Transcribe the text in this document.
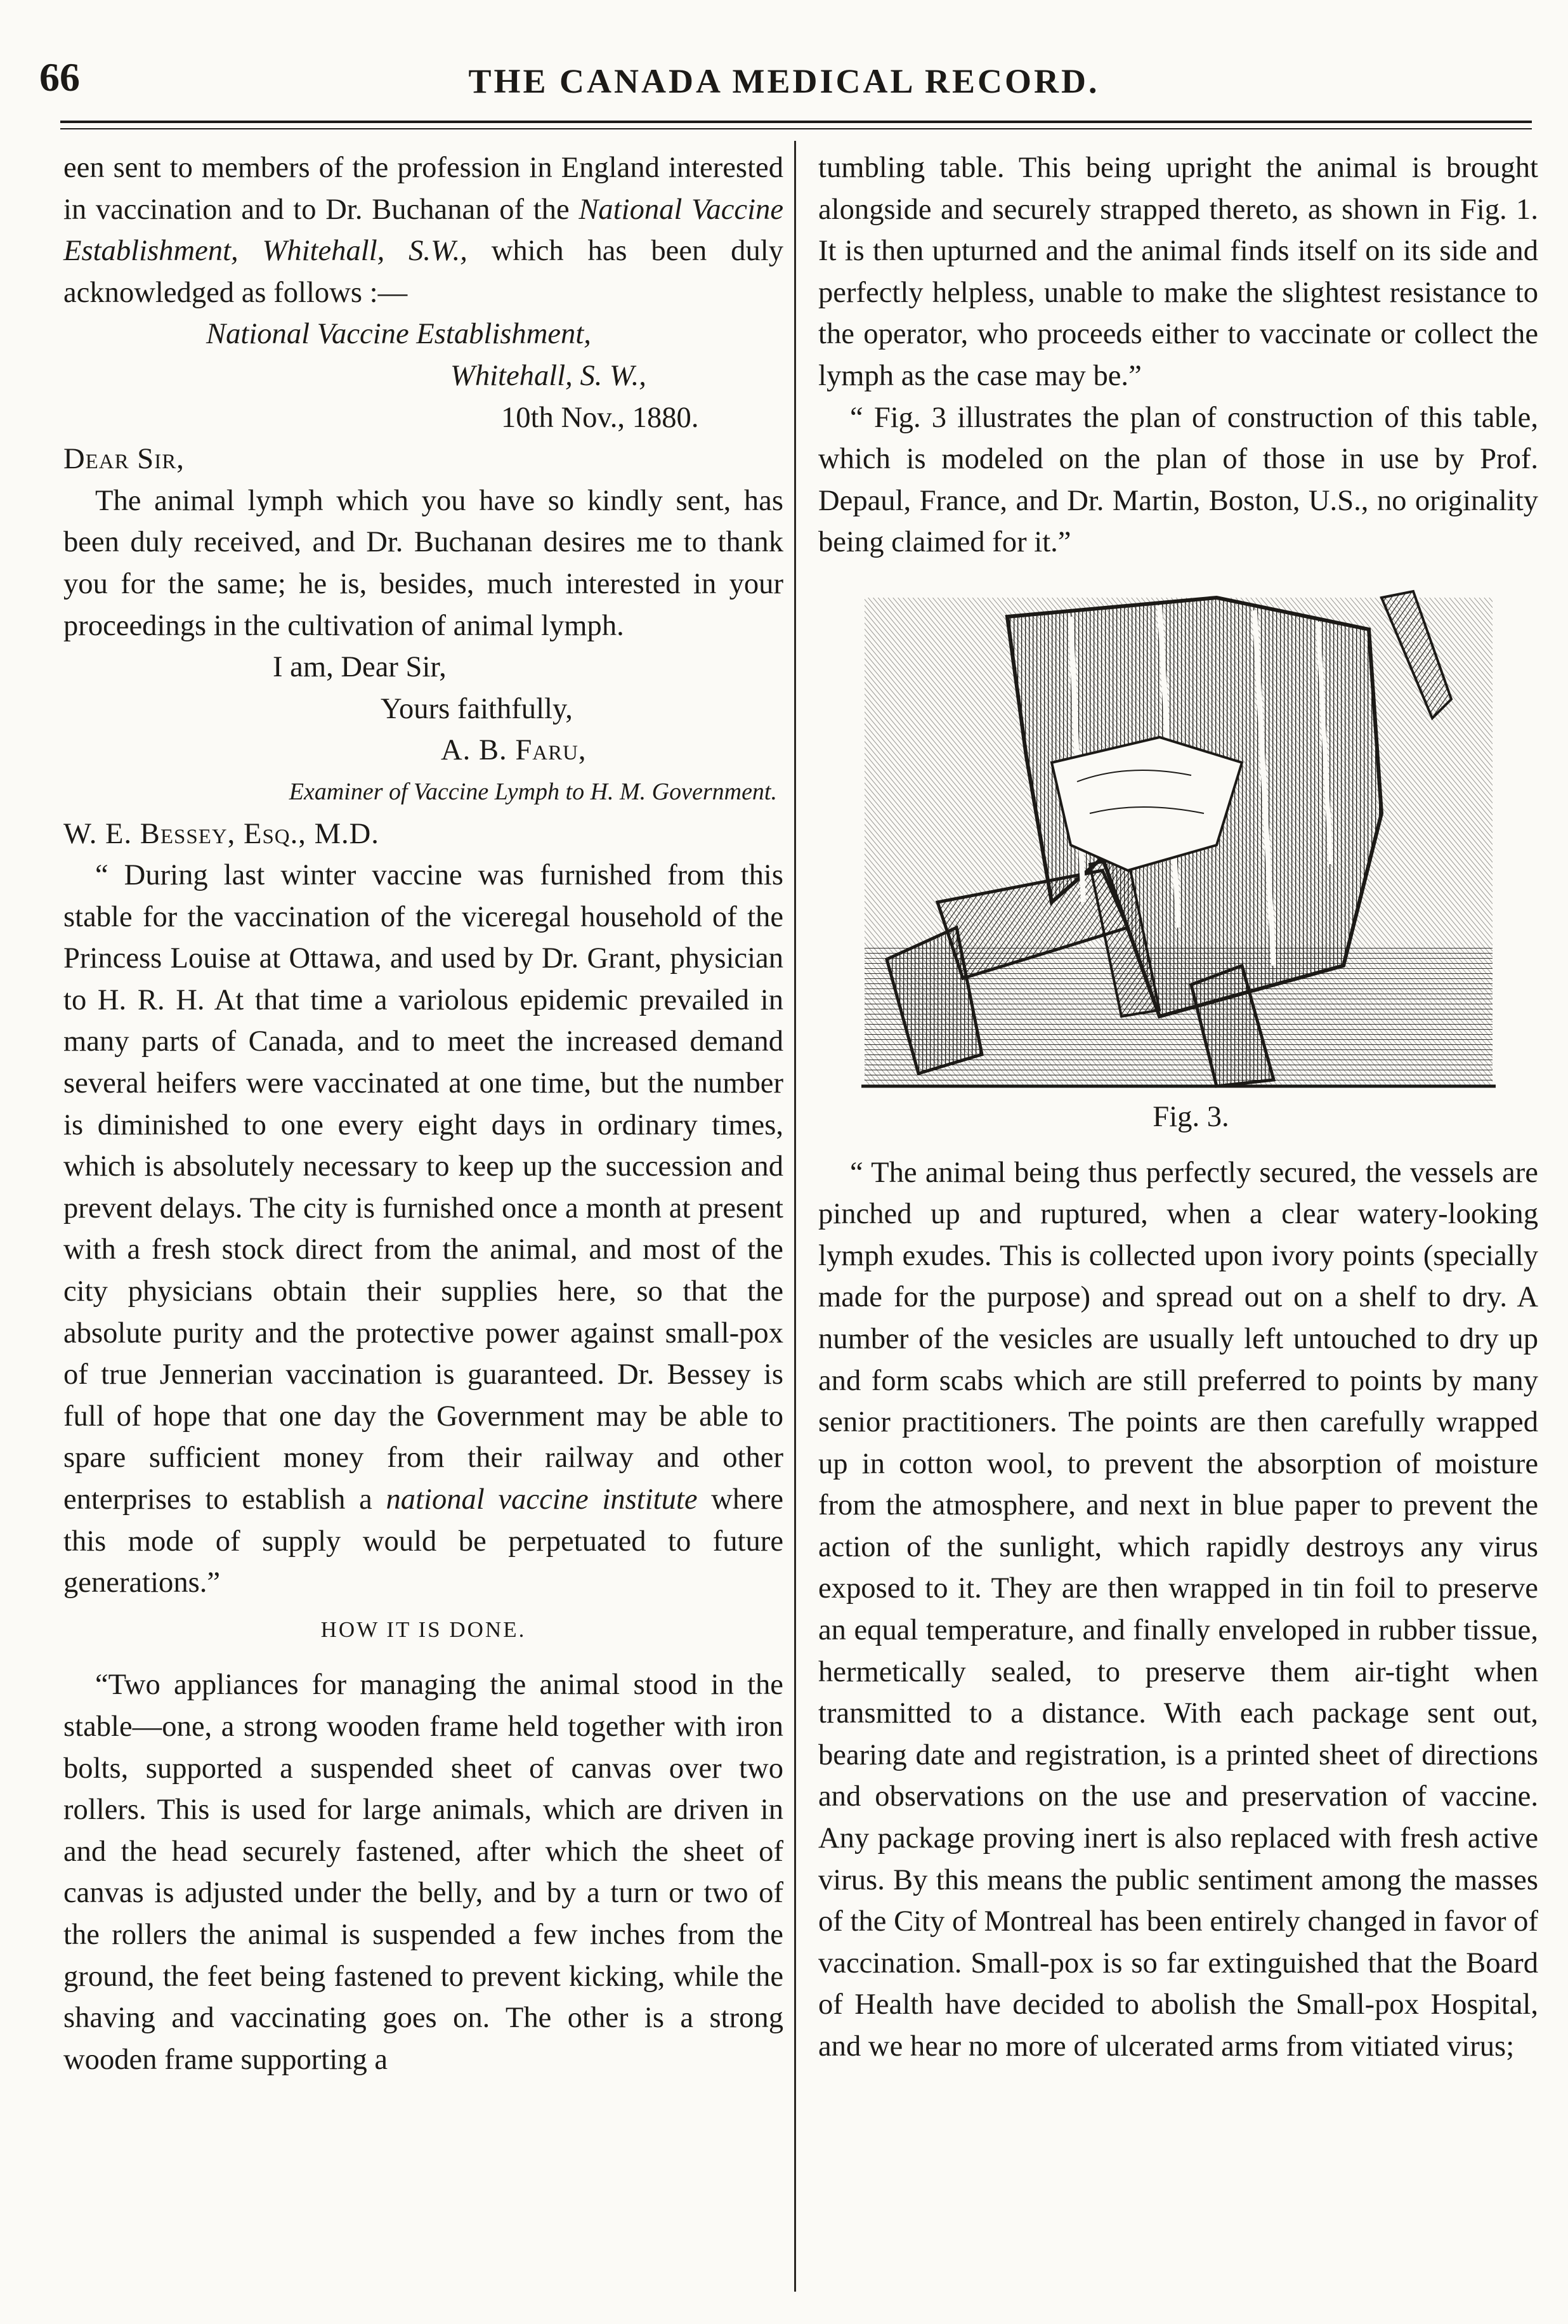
66	THE CANADA MEDICAL RECORD.

een sent to members of the profession in England interested in vaccination and to Dr. Buchanan of the National Vaccine Establishment, Whitehall, S.W., which has been duly acknowledged as follows :—

National Vaccine Establishment,
Whitehall, S. W.,
10th Nov., 1880.
Dear Sir,

The animal lymph which you have so kindly sent, has been duly received, and Dr. Buchanan desires me to thank you for the same; he is, besides, much interested in your proceedings in the cultivation of animal lymph.

I am, Dear Sir,
Yours faithfully,
A. B. Faru,
Examiner of Vaccine Lymph to H. M. Government.
W. E. Bessey, Esq., M.D.

“ During last winter vaccine was furnished from this stable for the vaccination of the viceregal household of the Princess Louise at Ottawa, and used by Dr. Grant, physician to H. R. H. At that time a variolous epidemic prevailed in many parts of Canada, and to meet the increased demand several heifers were vaccinated at one time, but the number is diminished to one every eight days in ordinary times, which is absolutely necessary to keep up the succession and prevent delays. The city is furnished once a month at present with a fresh stock direct from the animal, and most of the city physicians obtain their supplies here, so that the absolute purity and the protective power against small-pox of true Jennerian vaccination is guaranteed. Dr. Bessey is full of hope that one day the Government may be able to spare sufficient money from their railway and other enterprises to establish a national vaccine institute where this mode of supply would be perpetuated to future generations.”

HOW IT IS DONE.

“Two appliances for managing the animal stood in the stable—one, a strong wooden frame held together with iron bolts, supported a suspended sheet of canvas over two rollers. This is used for large animals, which are driven in and the head securely fastened, after which the sheet of canvas is adjusted under the belly, and by a turn or two of the rollers the animal is suspended a few inches from the ground, the feet being fastened to prevent kicking, while the shaving and vaccinating goes on. The other is a strong wooden frame supporting a

tumbling table. This being upright the animal is brought alongside and securely strapped thereto, as shown in Fig. 1. It is then upturned and the animal finds itself on its side and perfectly helpless, unable to make the slightest resistance to the operator, who proceeds either to vaccinate or collect the lymph as the case may be.”

“ Fig. 3 illustrates the plan of construction of this table, which is modeled on the plan of those in use by Prof. Depaul, France, and Dr. Martin, Boston, U.S., no originality being claimed for it.”

Fig. 3.

“ The animal being thus perfectly secured, the vessels are pinched up and ruptured, when a clear watery-looking lymph exudes. This is collected upon ivory points (specially made for the purpose) and spread out on a shelf to dry. A number of the vesicles are usually left untouched to dry up and form scabs which are still preferred to points by many senior practitioners. The points are then carefully wrapped up in cotton wool, to prevent the absorption of moisture from the atmosphere, and next in blue paper to prevent the action of the sunlight, which rapidly destroys any virus exposed to it. They are then wrapped in tin foil to preserve an equal temperature, and finally enveloped in rubber tissue, hermetically sealed, to preserve them air-tight when transmitted to a distance. With each package sent out, bearing date and registration, is a printed sheet of directions and observations on the use and preservation of vaccine. Any package proving inert is also replaced with fresh active virus. By this means the public sentiment among the masses of the City of Montreal has been entirely changed in favor of vaccination. Small-pox is so far extinguished that the Board of Health have decided to abolish the Small-pox Hospital, and we hear no more of ulcerated arms from vitiated virus;
